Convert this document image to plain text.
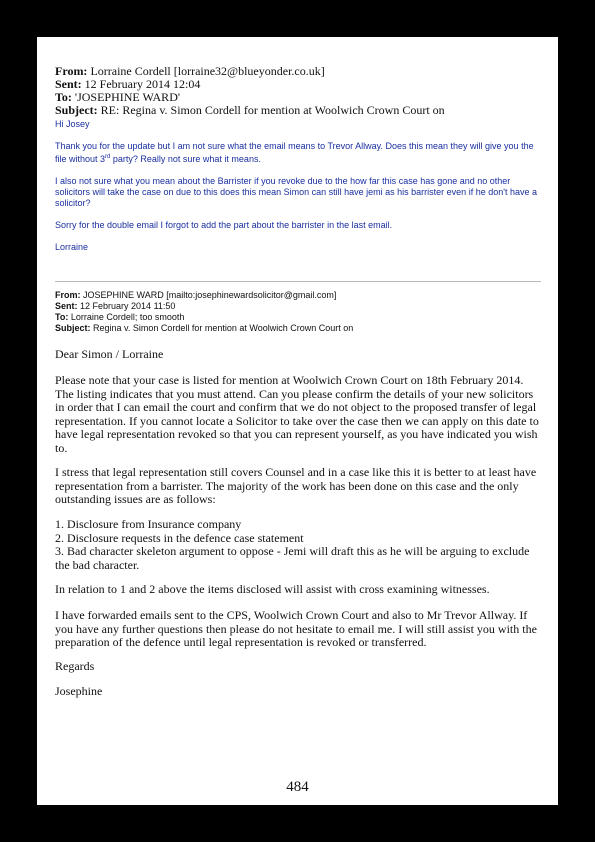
From: Lorraine Cordell [lorraine32@blueyonder.co.uk]
Sent: 12 February 2014 12:04
To: 'JOSEPHINE WARD'
Subject: RE: Regina v. Simon Cordell for mention at Woolwich Crown Court on
Hi Josey
Thank you for the update but I am not sure what the email means to Trevor Allway. Does this mean they will give you the file without 3rd party? Really not sure what it means.
I also not sure what you mean about the Barrister if you revoke due to the how far this case has gone and no other solicitors will take the case on due to this does this mean Simon can still have jemi as his barrister even if he don't have a solicitor?
Sorry for the double email I forgot to add the part about the barrister in the last email.
Lorraine
From: JOSEPHINE WARD [mailto:josephinewardsolicitor@gmail.com]
Sent: 12 February 2014 11:50
To: Lorraine Cordell; too smooth
Subject: Regina v. Simon Cordell for mention at Woolwich Crown Court on
Dear Simon / Lorraine
Please note that your case is listed for mention at Woolwich Crown Court on 18th February 2014. The listing indicates that you must attend. Can you please confirm the details of your new solicitors in order that I can email the court and confirm that we do not object to the proposed transfer of legal representation. If you cannot locate a Solicitor to take over the case then we can apply on this date to have legal representation revoked so that you can represent yourself, as you have indicated you wish to.
I stress that legal representation still covers Counsel and in a case like this it is better to at least have representation from a barrister. The majority of the work has been done on this case and the only outstanding issues are as follows:

1. Disclosure from Insurance company

2. Disclosure requests in the defence case statement

3. Bad character skeleton argument to oppose - Jemi will draft this as he will be arguing to exclude the bad character.

In relation to 1 and 2 above the items disclosed will assist with cross examining witnesses.
I have forwarded emails sent to the CPS, Woolwich Crown Court and also to Mr Trevor Allway. If you have any further questions then please do not hesitate to email me. I will still assist you with the preparation of the defence until legal representation is revoked or transferred.
Regards
Josephine
484
